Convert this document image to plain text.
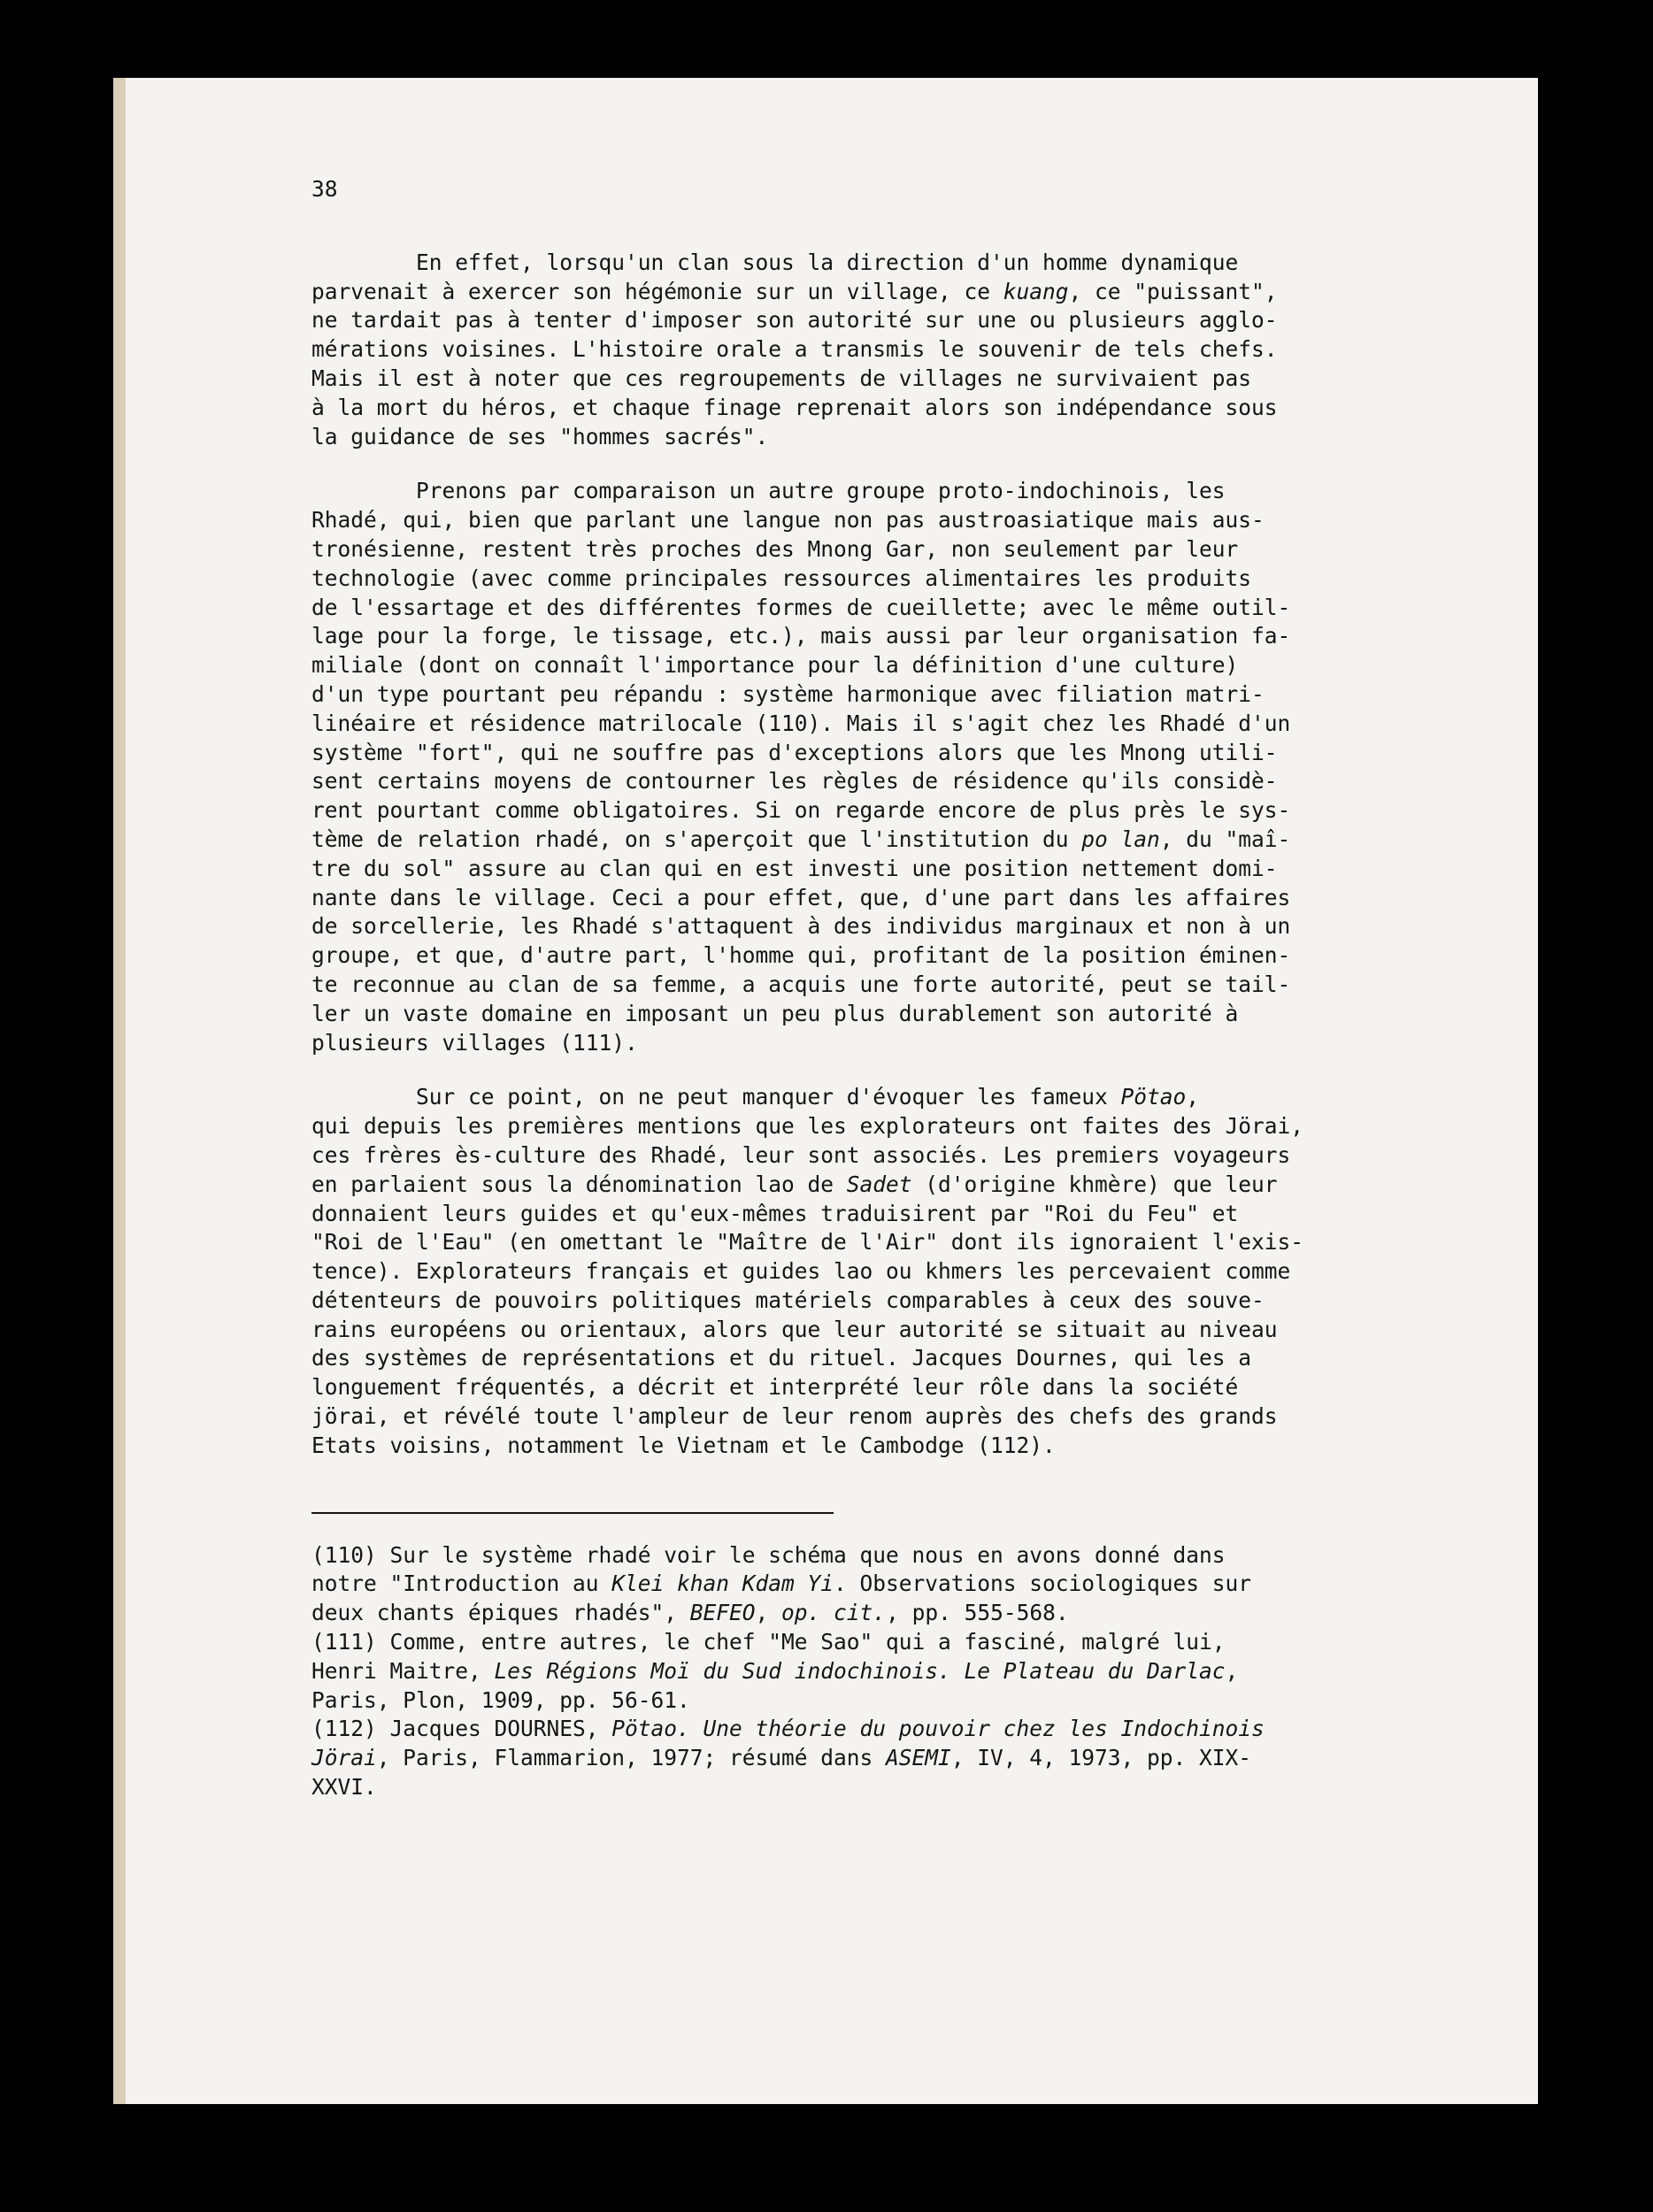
38
En effet, lorsqu'un clan sous la direction d'un homme dynamique
parvenait à exercer son hégémonie sur un village, ce kuang, ce "puissant",
ne tardait pas à tenter d'imposer son autorité sur une ou plusieurs agglo-
mérations voisines. L'histoire orale a transmis le souvenir de tels chefs.
Mais il est à noter que ces regroupements de villages ne survivaient pas
à la mort du héros, et chaque finage reprenait alors son indépendance sous
la guidance de ses "hommes sacrés".
Prenons par comparaison un autre groupe proto-indochinois, les
Rhadé, qui, bien que parlant une langue non pas austroasiatique mais aus-
tronésienne, restent très proches des Mnong Gar, non seulement par leur
technologie (avec comme principales ressources alimentaires les produits
de l'essartage et des différentes formes de cueillette; avec le même outil-
lage pour la forge, le tissage, etc.), mais aussi par leur organisation fa-
miliale (dont on connaît l'importance pour la définition d'une culture)
d'un type pourtant peu répandu : système harmonique avec filiation matri-
linéaire et résidence matrilocale (110). Mais il s'agit chez les Rhadé d'un
système "fort", qui ne souffre pas d'exceptions alors que les Mnong utili-
sent certains moyens de contourner les règles de résidence qu'ils considè-
rent pourtant comme obligatoires. Si on regarde encore de plus près le sys-
tème de relation rhadé, on s'aperçoit que l'institution du po lan, du "maî-
tre du sol" assure au clan qui en est investi une position nettement domi-
nante dans le village. Ceci a pour effet, que, d'une part dans les affaires
de sorcellerie, les Rhadé s'attaquent à des individus marginaux et non à un
groupe, et que, d'autre part, l'homme qui, profitant de la position éminen-
te reconnue au clan de sa femme, a acquis une forte autorité, peut se tail-
ler un vaste domaine en imposant un peu plus durablement son autorité à
plusieurs villages (111).
Sur ce point, on ne peut manquer d'évoquer les fameux Pötao,
qui depuis les premières mentions que les explorateurs ont faites des Jörai,
ces frères ès-culture des Rhadé, leur sont associés. Les premiers voyageurs
en parlaient sous la dénomination lao de Sadet (d'origine khmère) que leur
donnaient leurs guides et qu'eux-mêmes traduisirent par "Roi du Feu" et
"Roi de l'Eau" (en omettant le "Maître de l'Air" dont ils ignoraient l'exis-
tence). Explorateurs français et guides lao ou khmers les percevaient comme
détenteurs de pouvoirs politiques matériels comparables à ceux des souve-
rains européens ou orientaux, alors que leur autorité se situait au niveau
des systèmes de représentations et du rituel. Jacques Dournes, qui les a
longuement fréquentés, a décrit et interprété leur rôle dans la société
jörai, et révélé toute l'ampleur de leur renom auprès des chefs des grands
Etats voisins, notamment le Vietnam et le Cambodge (112).
(110) Sur le système rhadé voir le schéma que nous en avons donné dans
notre "Introduction au Klei khan Kdam Yi. Observations sociologiques sur
deux chants épiques rhadés", BEFEO, op. cit., pp. 555-568.
(111) Comme, entre autres, le chef "Me Sao" qui a fasciné, malgré lui,
Henri Maitre, Les Régions Moï du Sud indochinois. Le Plateau du Darlac,
Paris, Plon, 1909, pp. 56-61.
(112) Jacques DOURNES, Pötao. Une théorie du pouvoir chez les Indochinois
Jörai, Paris, Flammarion, 1977; résumé dans ASEMI, IV, 4, 1973, pp. XIX-
XXVI.
